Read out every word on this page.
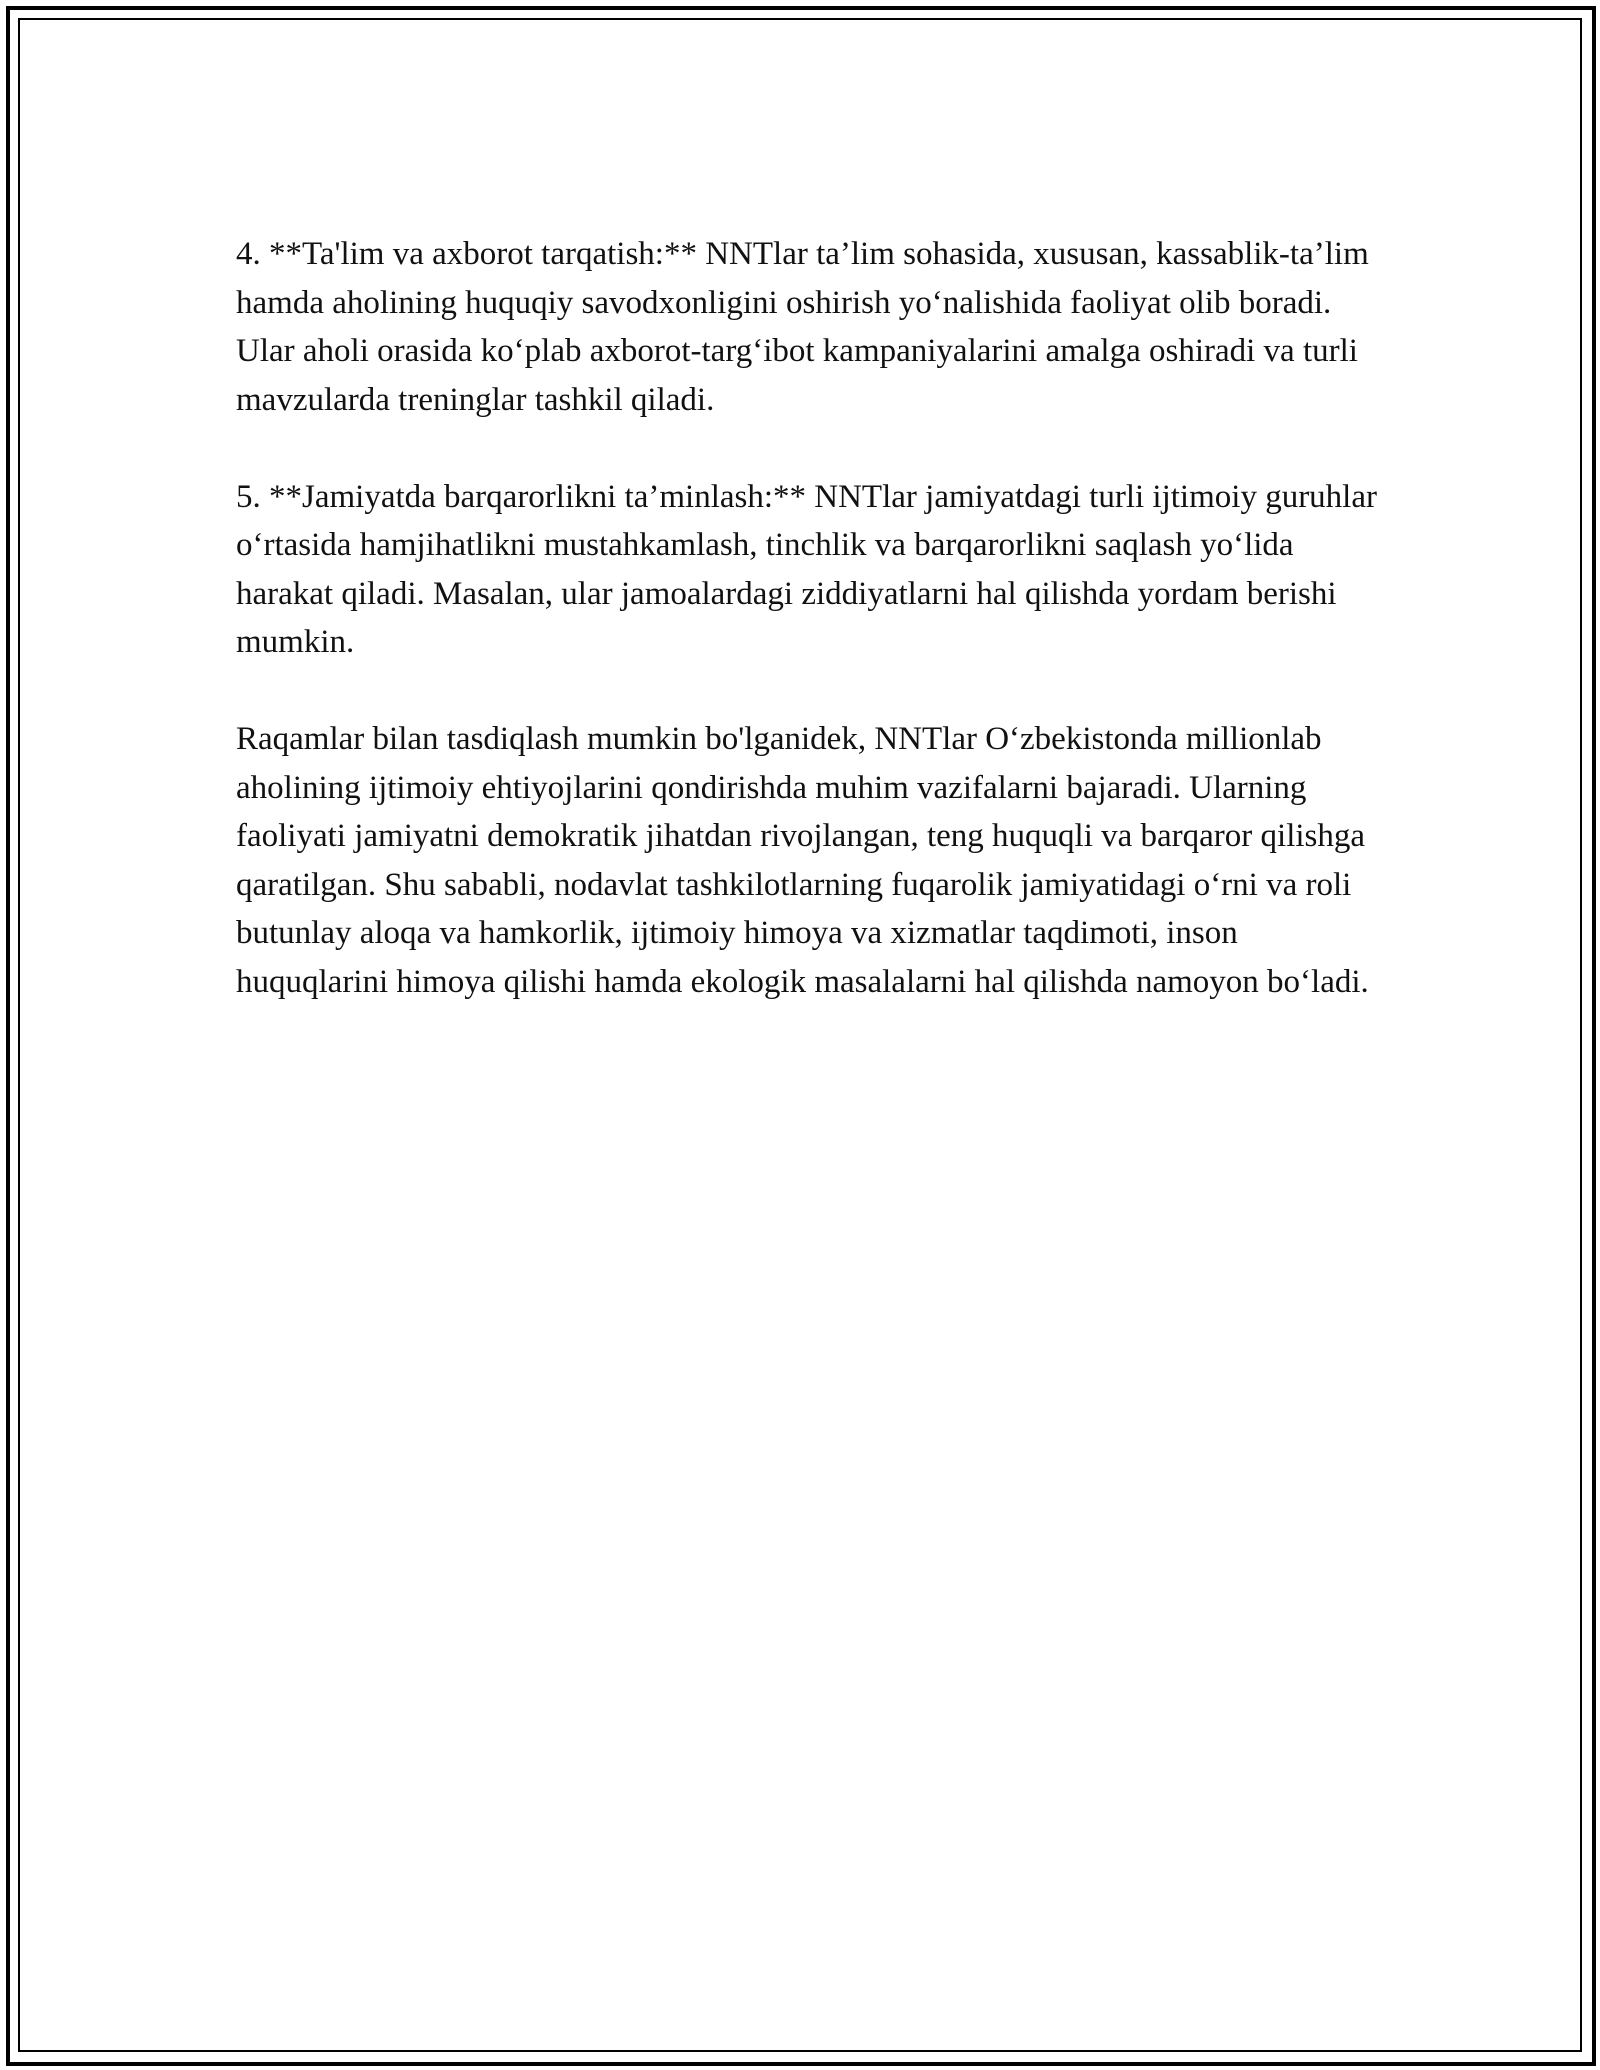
4. **Ta'lim va axborot tarqatish:** NNTlar ta’lim sohasida, xususan, kassablik-ta’lim hamda aholining huquqiy savodxonligini oshirish yoʻnalishida faoliyat olib boradi. Ular aholi orasida koʻplab axborot-targʻibot kampaniyalarini amalga oshiradi va turli mavzularda treninglar tashkil qiladi.

5. **Jamiyatda barqarorlikni ta’minlash:** NNTlar jamiyatdagi turli ijtimoiy guruhlar oʻrtasida hamjihatlikni mustahkamlash, tinchlik va barqarorlikni saqlash yoʻlida harakat qiladi. Masalan, ular jamoalardagi ziddiyatlarni hal qilishda yordam berishi mumkin.

Raqamlar bilan tasdiqlash mumkin bo'lganidek, NNTlar Oʻzbekistonda millionlab aholining ijtimoiy ehtiyojlarini qondirishda muhim vazifalarni bajaradi. Ularning faoliyati jamiyatni demokratik jihatdan rivojlangan, teng huquqli va barqaror qilishga qaratilgan. Shu sababli, nodavlat tashkilotlarning fuqarolik jamiyatidagi oʻrni va roli butunlay aloqa va hamkorlik, ijtimoiy himoya va xizmatlar taqdimoti, inson huquqlarini himoya qilishi hamda ekologik masalalarni hal qilishda namoyon boʻladi.
